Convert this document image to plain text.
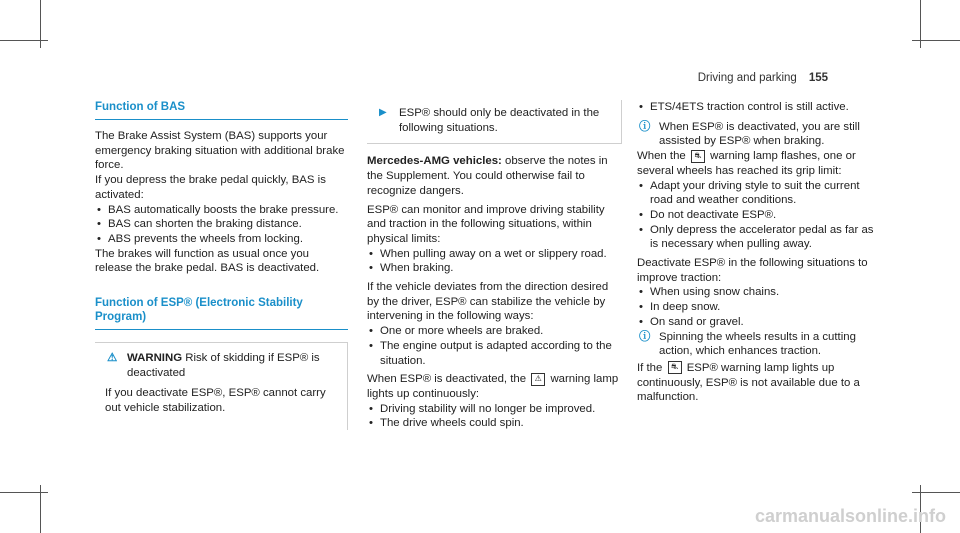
Driving and parking 155
Function of BAS

The Brake Assist System (BAS) supports your emergency braking situation with additional brake force.

If you depress the brake pedal quickly, BAS is activated:

• BAS automatically boosts the brake pressure.

• BAS can shorten the braking distance.

• ABS prevents the wheels from locking.

The brakes will function as usual once you release the brake pedal. BAS is deactivated.

Function of ESP® (Electronic Stability Program)

⚠ WARNING Risk of skidding if ESP® is deactivated

If you deactivate ESP®, ESP® cannot carry out vehicle stabilization.

▶ ESP® should only be deactivated in the following situations.

Mercedes-AMG vehicles: observe the notes in the Supplement. You could otherwise fail to recognize dangers.

ESP® can monitor and improve driving stability and traction in the following situations, within physical limits:

• When pulling away on a wet or slippery road.

• When braking.

If the vehicle deviates from the direction desired by the driver, ESP® can stabilize the vehicle by intervening in the following ways:

• One or more wheels are braked.

• The engine output is adapted according to the situation.

When ESP® is deactivated, the ⚠ warning lamp lights up continuously:

• Driving stability will no longer be improved.

• The drive wheels could spin.

• ETS/4ETS traction control is still active.

ⓘ When ESP® is deactivated, you are still assisted by ESP® when braking.

When the ⛐ warning lamp flashes, one or several wheels has reached its grip limit:

• Adapt your driving style to suit the current road and weather conditions.

• Do not deactivate ESP®.

• Only depress the accelerator pedal as far as is necessary when pulling away.

Deactivate ESP® in the following situations to improve traction:

• When using snow chains.

• In deep snow.

• On sand or gravel.

ⓘ Spinning the wheels results in a cutting action, which enhances traction.

If the ⛐ ESP® warning lamp lights up continuously, ESP® is not available due to a malfunction.

carmanualsonline.info
